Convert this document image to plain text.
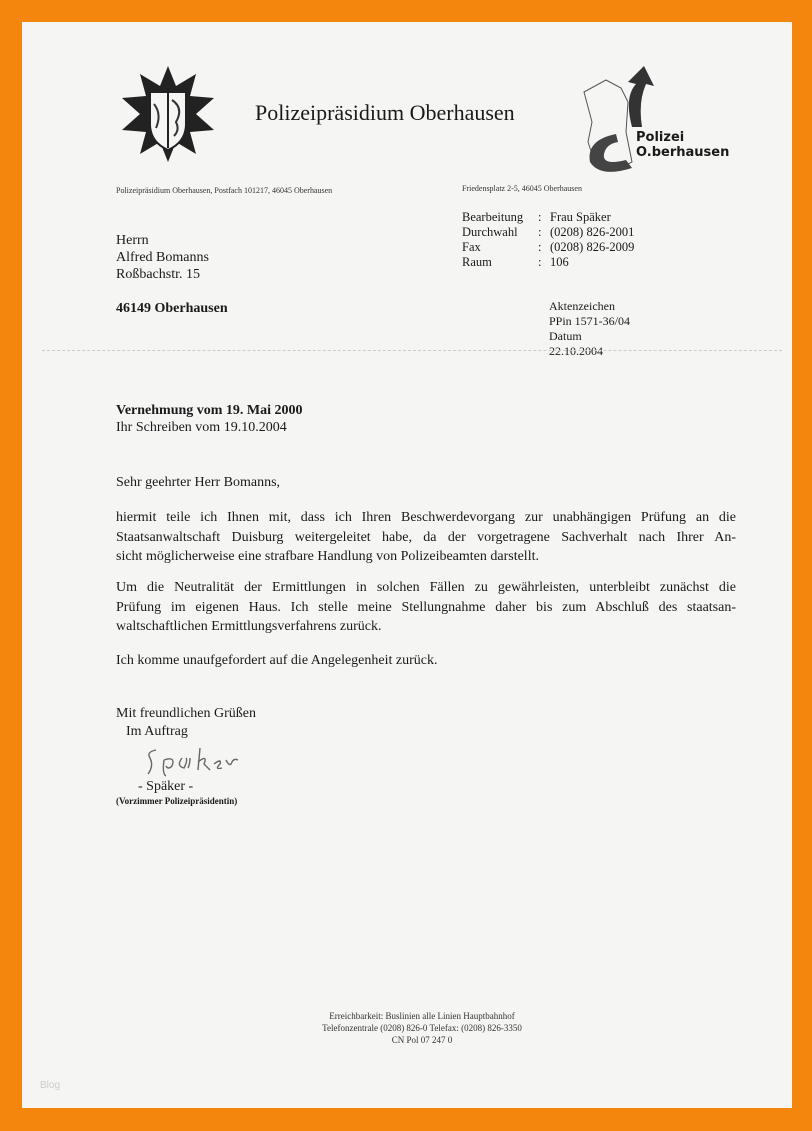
Polizeipräsidium Oberhausen
Polizei
O.berhausen
Polizeipräsidium Oberhausen, Postfach 101217, 46045 Oberhausen	Friedensplatz 2-5, 46045 Oberhausen
Herrn
Alfred Bomanns
Roßbachstr. 15
46149 Oberhausen
Bearbeitung	: Frau Späker
Durchwahl	: (0208) 826-2001
Fax	: (0208) 826-2009
Raum	: 106
Aktenzeichen
PPin 1571-36/04
Datum
22.10.2004
Vernehmung vom 19. Mai 2000
Ihr Schreiben vom 19.10.2004
Sehr geehrter Herr Bomanns,
hiermit teile ich Ihnen mit, dass ich Ihren Beschwerdevorgang zur unabhängigen Prüfung an die
Staatsanwaltschaft Duisburg weitergeleitet habe, da der vorgetragene Sachverhalt nach Ihrer An-
sicht möglicherweise eine strafbare Handlung von Polizeibeamten darstellt.
Um die Neutralität der Ermittlungen in solchen Fällen zu gewährleisten, unterbleibt zunächst die
Prüfung im eigenen Haus. Ich stelle meine Stellungnahme daher bis zum Abschluß des staatsan-
waltschaftlichen Ermittlungsverfahrens zurück.
Ich komme unaufgefordert auf die Angelegenheit zurück.
Mit freundlichen Grüßen
Im Auftrag
- Späker -
(Vorzimmer Polizeipräsidentin)
Erreichbarkeit: Buslinien alle Linien Hauptbahnhof
Telefonzentrale (0208) 826-0 Telefax: (0208) 826-3350
CN Pol 07 247 0
Blog
